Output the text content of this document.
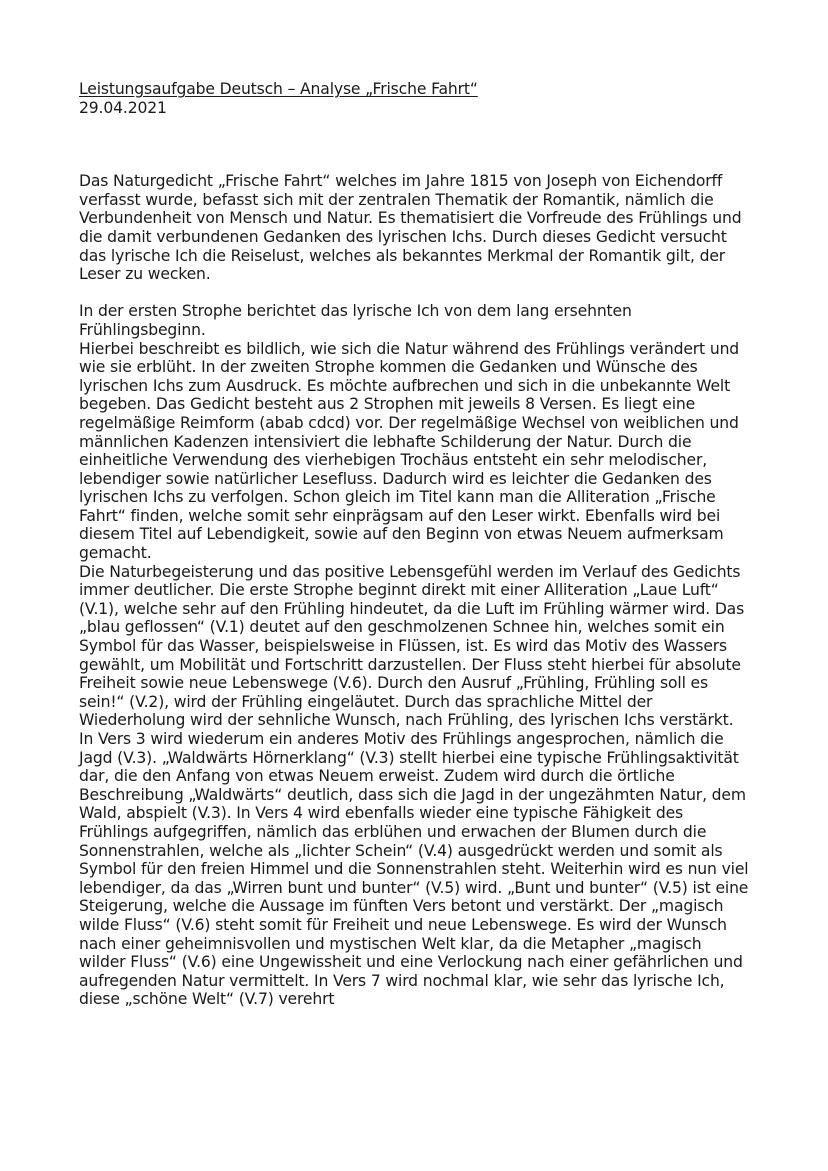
Leistungsaufgabe Deutsch – Analyse „Frische Fahrt“
29.04.2021

Das Naturgedicht „Frische Fahrt“ welches im Jahre 1815 von Joseph von Eichendorff verfasst wurde, befasst sich mit der zentralen Thematik der Romantik, nämlich die Verbundenheit von Mensch und Natur. Es thematisiert die Vorfreude des Frühlings und die damit verbundenen Gedanken des lyrischen Ichs. Durch dieses Gedicht versucht das lyrische Ich die Reiselust, welches als bekanntes Merkmal der Romantik gilt, der Leser zu wecken.

In der ersten Strophe berichtet das lyrische Ich von dem lang ersehnten Frühlingsbeginn.

Hierbei beschreibt es bildlich, wie sich die Natur während des Frühlings verändert und wie sie erblüht. In der zweiten Strophe kommen die Gedanken und Wünsche des lyrischen Ichs zum Ausdruck. Es möchte aufbrechen und sich in die unbekannte Welt begeben. Das Gedicht besteht aus 2 Strophen mit jeweils 8 Versen. Es liegt eine regelmäßige Reimform (abab cdcd) vor. Der regelmäßige Wechsel von weiblichen und männlichen Kadenzen intensiviert die lebhafte Schilderung der Natur. Durch die einheitliche Verwendung des vierhebigen Trochäus entsteht ein sehr melodischer, lebendiger sowie natürlicher Lesefluss. Dadurch wird es leichter die Gedanken des lyrischen Ichs zu verfolgen. Schon gleich im Titel kann man die Alliteration „Frische Fahrt“ finden, welche somit sehr einprägsam auf den Leser wirkt. Ebenfalls wird bei diesem Titel auf Lebendigkeit, sowie auf den Beginn von etwas Neuem aufmerksam gemacht.

Die Naturbegeisterung und das positive Lebensgefühl werden im Verlauf des Gedichts immer deutlicher. Die erste Strophe beginnt direkt mit einer Alliteration „Laue Luft“ (V.1), welche sehr auf den Frühling hindeutet, da die Luft im Frühling wärmer wird. Das „blau geflossen“ (V.1) deutet auf den geschmolzenen Schnee hin, welches somit ein Symbol für das Wasser, beispielsweise in Flüssen, ist. Es wird das Motiv des Wassers gewählt, um Mobilität und Fortschritt darzustellen. Der Fluss steht hierbei für absolute Freiheit sowie neue Lebenswege (V.6). Durch den Ausruf „Frühling, Frühling soll es sein!“ (V.2), wird der Frühling eingeläutet. Durch das sprachliche Mittel der Wiederholung wird der sehnliche Wunsch, nach Frühling, des lyrischen Ichs verstärkt. In Vers 3 wird wiederum ein anderes Motiv des Frühlings angesprochen, nämlich die Jagd (V.3). „Waldwärts Hörnerklang“ (V.3) stellt hierbei eine typische Frühlingsaktivität dar, die den Anfang von etwas Neuem erweist. Zudem wird durch die örtliche Beschreibung „Waldwärts“ deutlich, dass sich die Jagd in der ungezähmten Natur, dem Wald, abspielt (V.3). In Vers 4 wird ebenfalls wieder eine typische Fähigkeit des Frühlings aufgegriffen, nämlich das erblühen und erwachen der Blumen durch die Sonnenstrahlen, welche als „lichter Schein“ (V.4) ausgedrückt werden und somit als Symbol für den freien Himmel und die Sonnenstrahlen steht. Weiterhin wird es nun viel lebendiger, da das „Wirren bunt und bunter“ (V.5) wird. „Bunt und bunter“ (V.5) ist eine Steigerung, welche die Aussage im fünften Vers betont und verstärkt. Der „magisch wilde Fluss“ (V.6) steht somit für Freiheit und neue Lebenswege. Es wird der Wunsch nach einer geheimnisvollen und mystischen Welt klar, da die Metapher „magisch wilder Fluss“ (V.6) eine Ungewissheit und eine Verlockung nach einer gefährlichen und aufregenden Natur vermittelt. In Vers 7 wird nochmal klar, wie sehr das lyrische Ich, diese „schöne Welt“ (V.7) verehrt
